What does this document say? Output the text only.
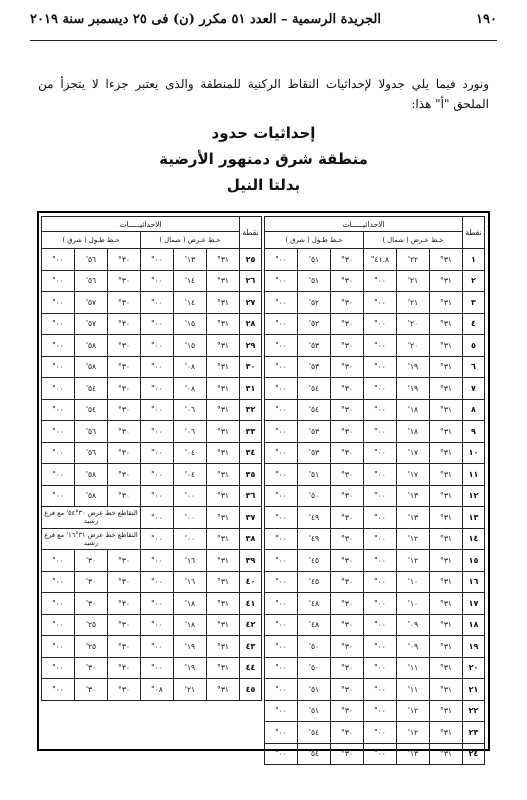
١٩٠
الجريدة الرسمية – العدد ٥١ مكرر (ن) فى ٢٥ ديسمبر سنة ٢٠١٩
ونورد فيما يلي جدولا لإحداثيات النقاط الركنية للمنطقة والذى يعتبر جزءا لا يتجزأ من الملحق "أ" هذا:
إحداثيات حدود
منطقة شرق دمنهور الأرضية
بدلتا النيل
نقطة	الاحداثيـــــات					
	خـط عـرض ( شمال )			خـط طـول ( شرق )		
١	٣١°	٢٢'	٤١.٨"	٣٠°	٥١'	٠٠"
٢	٣١°	٢١'	٠٠"	٣٠°	٥١'	٠٠"
٣	٣١°	٢١'	٠٠"	٣٠°	٥٢'	٠٠"
٤	٣١°	٢٠'	٠٠"	٣٠°	٥٢'	٠٠"
٥	٣١°	٢٠'	٠٠"	٣٠°	٥٣'	٠٠"
٦	٣١°	١٩'	٠٠"	٣٠°	٥٣'	٠٠"
٧	٣١°	١٩'	٠٠"	٣٠°	٥٤'	٠٠"
٨	٣١°	١٨'	٠٠"	٣٠°	٥٤'	٠٠"
٩	٣١°	١٨'	٠٠"	٣٠°	٥٣'	٠٠"
١٠	٣١°	١٧'	٠٠"	٣٠°	٥٣'	٠٠"
١١	٣١°	١٧'	٠٠"	٣٠°	٥١'	٠٠"
١٢	٣١°	١٣'	٠٠"	٣٠°	٥٠'	٠٠"
١٣	٣١°	١٣'	٠٠"	٣٠°	٤٩'	٠٠"
١٤	٣١°	١٢'	٠٠"	٣٠°	٤٩'	٠٠"
١٥	٣١°	١٢'	٠٠"	٣٠°	٤٥'	٠٠"
١٦	٣١°	١٠'	٠٠"	٣٠°	٤٥'	٠٠"
١٧	٣١°	١٠'	٠٠"	٣٠°	٤٨'	٠٠"
١٨	٣١°	٠٩'	٠٠"	٣٠°	٤٨'	٠٠"
١٩	٣١°	٠٩'	٠٠"	٣٠°	٥٠'	٠٠"
٢٠	٣١°	١١'	٠٠"	٣٠°	٥٠'	٠٠"
٢١	٣١°	١١'	٠٠"	٣٠°	٥١'	٠٠"
٢٢	٣١°	١٢'	٠٠"	٣٠°	٥١'	٠٠"
٢٣	٣١°	١٢'	٠٠"	٣٠°	٥٤'	٠٠"
٢٤	٣١°	١٣'	٠٠"	٣٠°	٥٤'	٠٠"
نقطة	الاحداثيـــــات					
	خـط عـرض ( شمال )			خـط طـول ( شرق )		
٢٥	٣١°	١٣'	٠٠"	٣٠°	٥٦'	٠٠"
٢٦	٣١°	١٤'	٠٠"	٣٠°	٥٦'	٠٠"
٢٧	٣١°	١٤'	٠٠"	٣٠°	٥٧'	٠٠"
٢٨	٣١°	١٥'	٠٠"	٣٠°	٥٧'	٠٠"
٢٩	٣١°	١٥'	٠٠"	٣٠°	٥٨'	٠٠"
٣٠	٣١°	٠٨'	٠٠"	٣٠°	٥٨'	٠٠"
٣١	٣١°	٠٨'	٠٠"	٣٠°	٥٤'	٠٠"
٣٢	٣١°	٠٦'	٠٠"	٣٠°	٥٤'	٠٠"
٣٣	٣١°	٠٦'	٠٠"	٣٠°	٥٦'	٠٠"
٣٤	٣١°	٠٤'	٠٠"	٣٠°	٥٦'	٠٠"
٣٥	٣١°	٠٤'	٠٠"	٣٠°	٥٨'	٠٠"
٣٦	٣١°	٠٠'	٠٠"	٣٠°	٥٨'	٠٠"
٣٧	٣١°	٠٠'	٠٠"	النقاطع خط عرض ٣٠°٥٤' مع فرع رشيد		
٣٨	٣١°	٠٠'	٠٠"	النقاطع خط عرض ٣١°١٦' مع فرع رشيد		
٣٩	٣١°	١٦'	٠٠"	٣٠°	٣٠'	٠٠"
٤٠	٣١°	١٦'	٠٠"	٣٠°	٣٠'	٠٠"
٤١	٣١°	١٨'	٠٠"	٣٠°	٣٠'	٠٠"
٤٢	٣١°	١٨'	٠٠"	٣٠°	٢٥'	٠٠"
٤٣	٣١°	١٩'	٠٠"	٣٠°	٢٥'	٠٠"
٤٤	٣١°	١٩'	٠٠"	٣٠°	٣٠'	٠٠"
٤٥	٣١°	٢١'	٠٨"	٣٠°	٣٠'	٠٠"
